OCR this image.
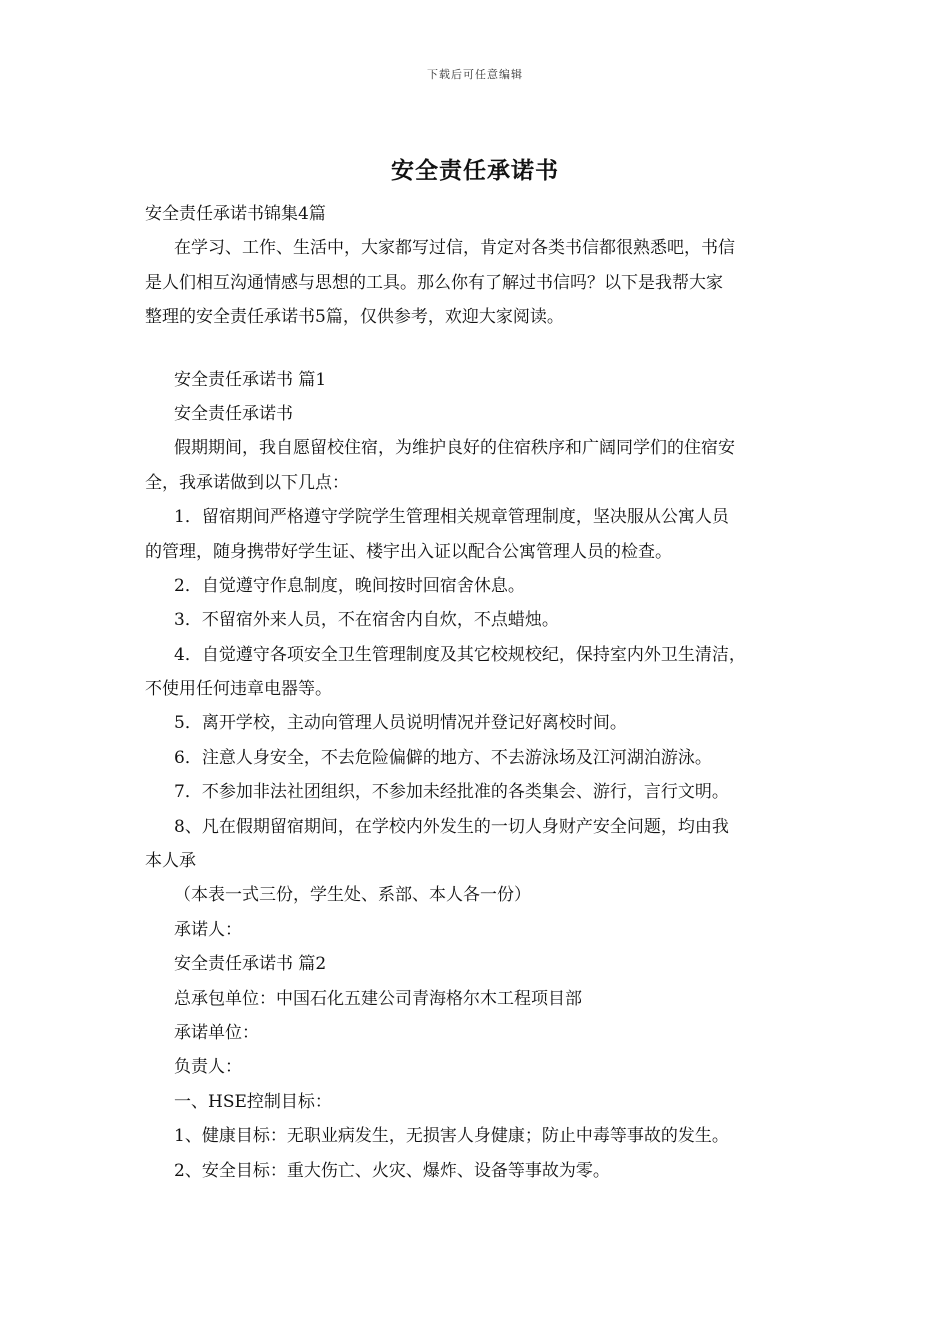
下载后可任意编辑
安全责任承诺书

安全责任承诺书锦集4篇

在学习、工作、生活中，大家都写过信，肯定对各类书信都很熟悉吧，书信

是人们相互沟通情感与思想的工具。那么你有了解过书信吗？以下是我帮大家

整理的安全责任承诺书5篇，仅供参考，欢迎大家阅读。

安全责任承诺书 篇1

安全责任承诺书

假期期间，我自愿留校住宿，为维护良好的住宿秩序和广阔同学们的住宿安

全，我承诺做到以下几点：

1．留宿期间严格遵守学院学生管理相关规章管理制度，坚决服从公寓人员

的管理，随身携带好学生证、楼宇出入证以配合公寓管理人员的检查。

2．自觉遵守作息制度，晚间按时回宿舍休息。

3．不留宿外来人员，不在宿舍内自炊，不点蜡烛。

4．自觉遵守各项安全卫生管理制度及其它校规校纪，保持室内外卫生清洁，

不使用任何违章电器等。

5．离开学校，主动向管理人员说明情况并登记好离校时间。

6．注意人身安全，不去危险偏僻的地方、不去游泳场及江河湖泊游泳。

7．不参加非法社团组织，不参加未经批准的各类集会、游行，言行文明。

8、凡在假期留宿期间，在学校内外发生的一切人身财产安全问题，均由我

本人承

（本表一式三份，学生处、系部、本人各一份）

承诺人：

安全责任承诺书 篇2

总承包单位：中国石化五建公司青海格尔木工程项目部

承诺单位：

负责人：

一、HSE控制目标：

1、健康目标：无职业病发生，无损害人身健康；防止中毒等事故的发生。

2、安全目标：重大伤亡、火灾、爆炸、设备等事故为零。
